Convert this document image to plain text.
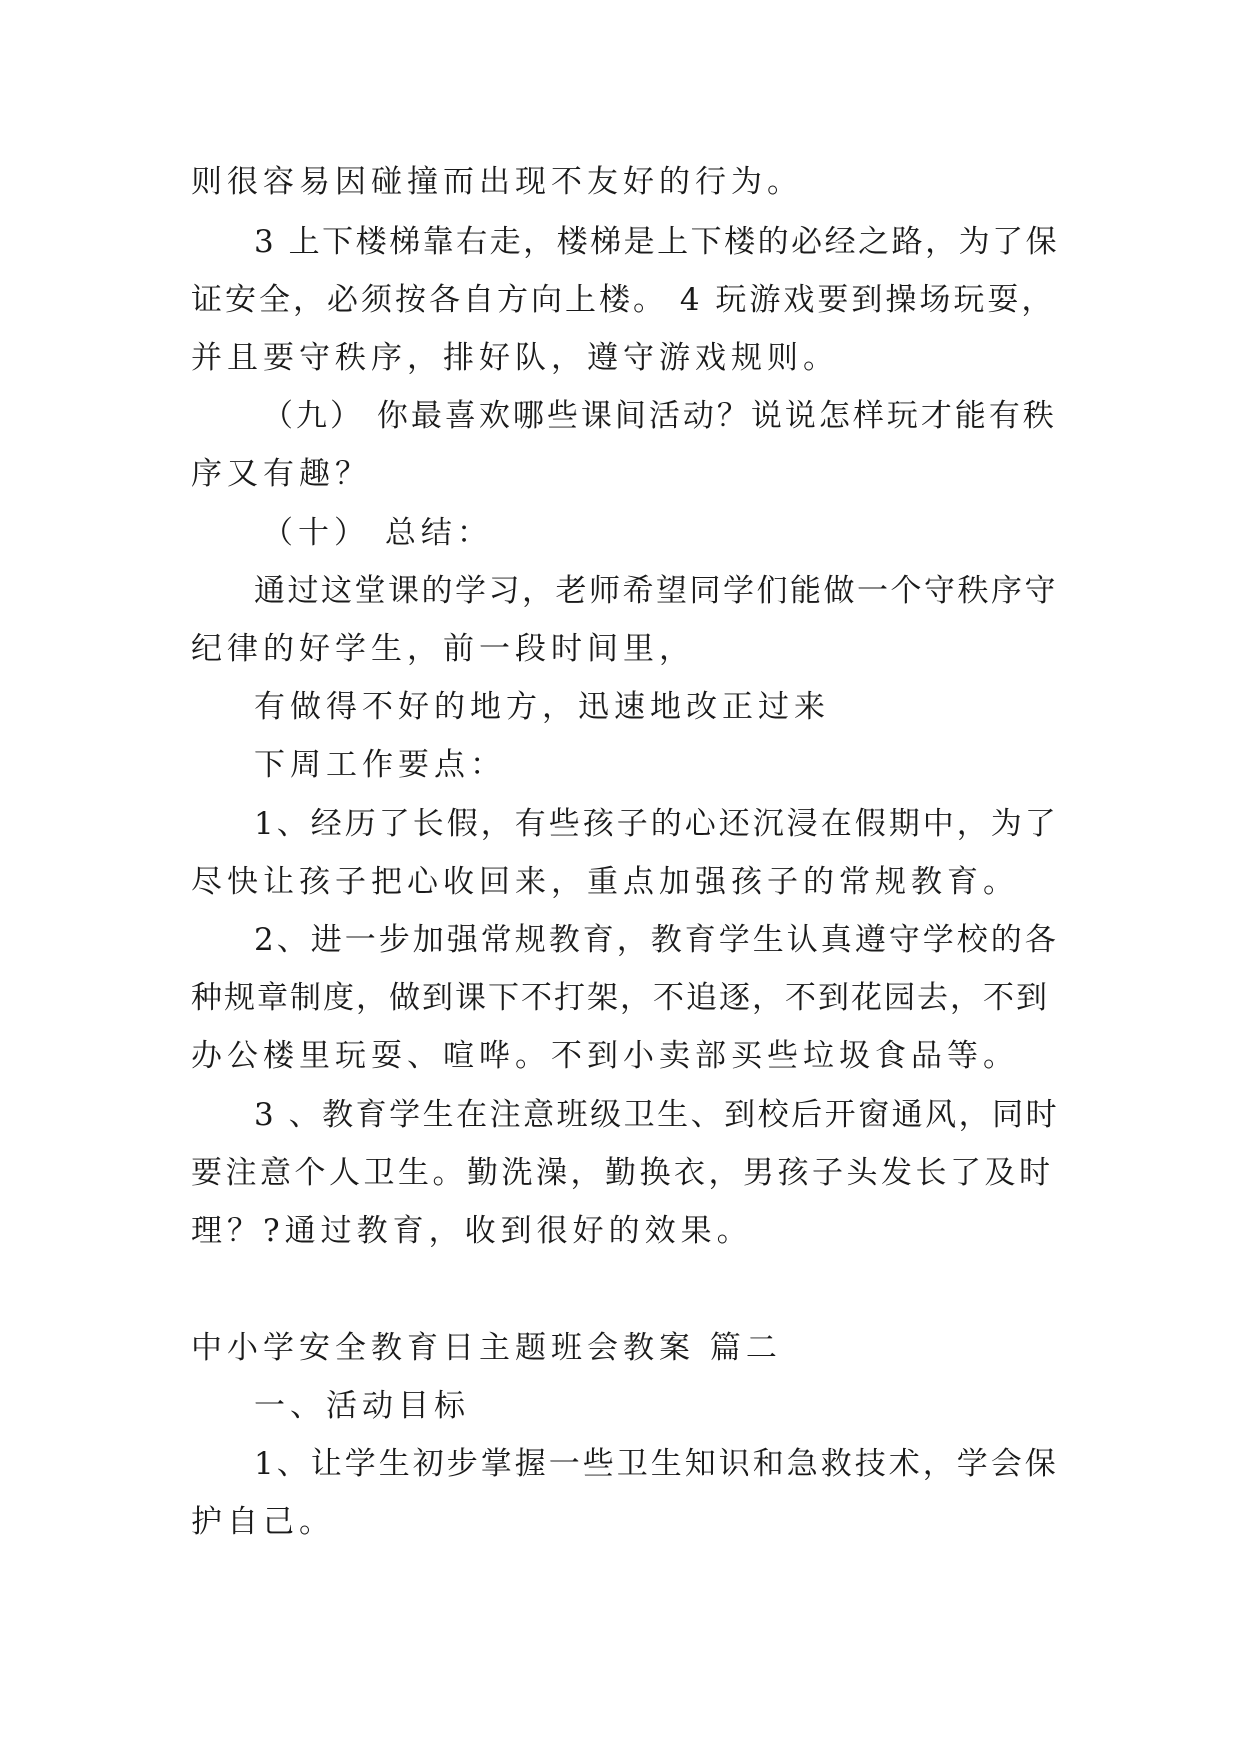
则很容易因碰撞而出现不友好的行为。
3 上下楼梯靠右走，楼梯是上下楼的必经之路，为了保
证安全，必须按各自方向上楼。 4 玩游戏要到操场玩耍，
并且要守秩序，排好队，遵守游戏规则。
（九） 你最喜欢哪些课间活动？说说怎样玩才能有秩
序又有趣？
（十） 总结：
通过这堂课的学习，老师希望同学们能做一个守秩序守
纪律的好学生，前一段时间里，
有做得不好的地方，迅速地改正过来
下周工作要点：
1、经历了长假，有些孩子的心还沉浸在假期中，为了
尽快让孩子把心收回来，重点加强孩子的常规教育。
2、进一步加强常规教育，教育学生认真遵守学校的各
种规章制度，做到课下不打架，不追逐，不到花园去，不到
办公楼里玩耍、喧哗。不到小卖部买些垃圾食品等。
3 、教育学生在注意班级卫生、到校后开窗通风，同时
要注意个人卫生。勤洗澡，勤换衣，男孩子头发长了及时
理？?通过教育，收到很好的效果。
中小学安全教育日主题班会教案 篇二
一、活动目标
1、让学生初步掌握一些卫生知识和急救技术，学会保
护自己。
